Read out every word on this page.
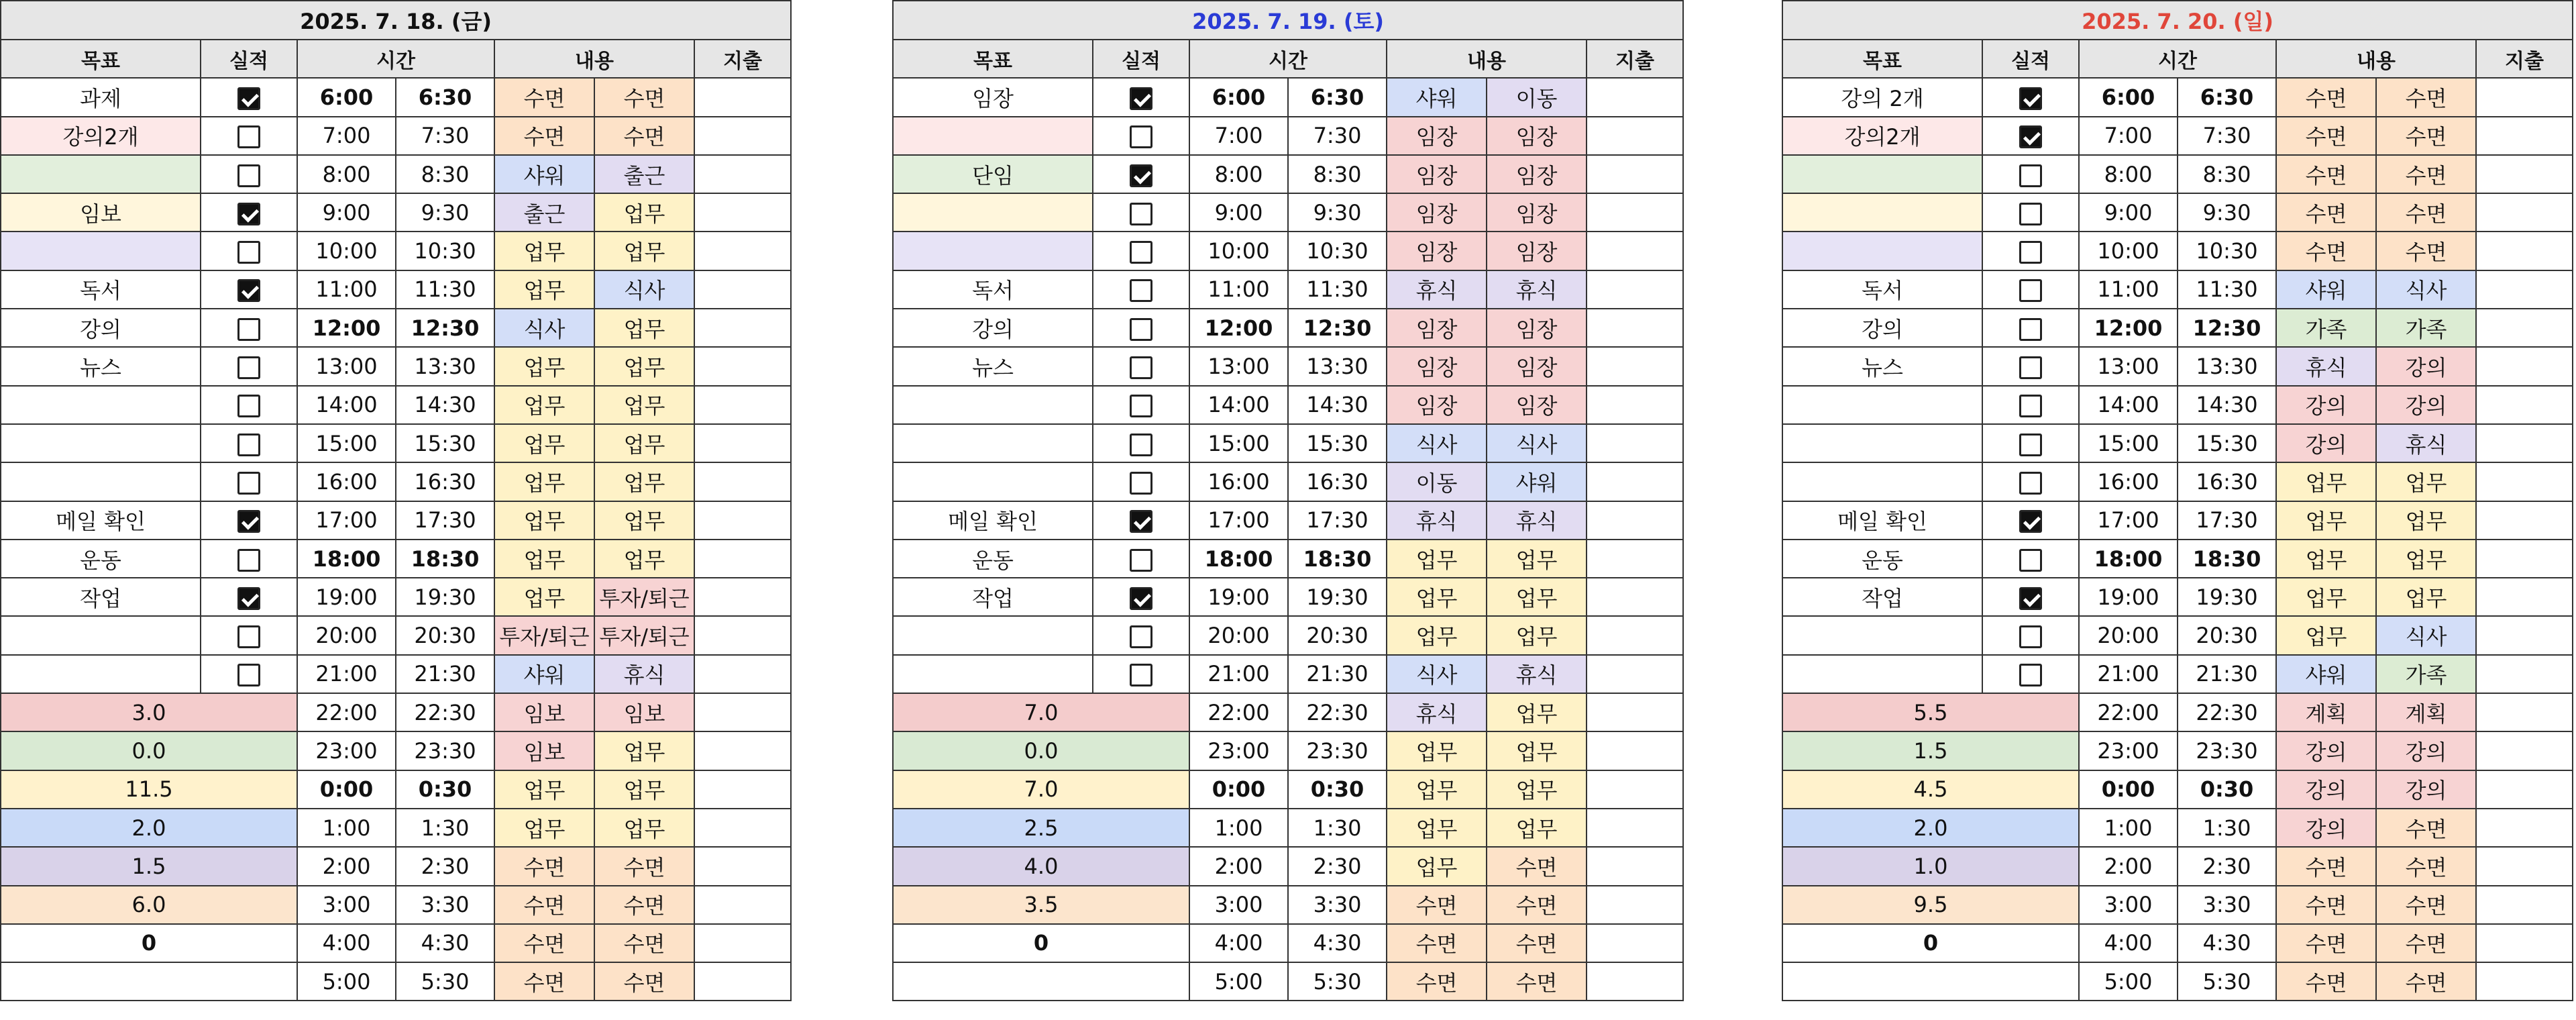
2025. 7. 18. (금)						
목표	실적	시간		내용		지출
과제		6:00	6:30	수면	수면	
강의2개		7:00	7:30	수면	수면	
		8:00	8:30	샤워	출근	
임보		9:00	9:30	출근	업무	
		10:00	10:30	업무	업무	
독서		11:00	11:30	업무	식사	
강의		12:00	12:30	식사	업무	
뉴스		13:00	13:30	업무	업무	
		14:00	14:30	업무	업무	
		15:00	15:30	업무	업무	
		16:00	16:30	업무	업무	
메일 확인		17:00	17:30	업무	업무	
운동		18:00	18:30	업무	업무	
작업		19:00	19:30	업무	투자/퇴근	
		20:00	20:30	투자/퇴근	투자/퇴근	
		21:00	21:30	샤워	휴식	
3.0		22:00	22:30	임보	임보	
0.0		23:00	23:30	임보	업무	
11.5		0:00	0:30	업무	업무	
2.0		1:00	1:30	업무	업무	
1.5		2:00	2:30	수면	수면	
6.0		3:00	3:30	수면	수면	
0		4:00	4:30	수면	수면	
		5:00	5:30	수면	수면	
2025. 7. 19. (토)						
목표	실적	시간		내용		지출
임장		6:00	6:30	샤워	이동	
		7:00	7:30	임장	임장	
단임		8:00	8:30	임장	임장	
		9:00	9:30	임장	임장	
		10:00	10:30	임장	임장	
독서		11:00	11:30	휴식	휴식	
강의		12:00	12:30	임장	임장	
뉴스		13:00	13:30	임장	임장	
		14:00	14:30	임장	임장	
		15:00	15:30	식사	식사	
		16:00	16:30	이동	샤워	
메일 확인		17:00	17:30	휴식	휴식	
운동		18:00	18:30	업무	업무	
작업		19:00	19:30	업무	업무	
		20:00	20:30	업무	업무	
		21:00	21:30	식사	휴식	
7.0		22:00	22:30	휴식	업무	
0.0		23:00	23:30	업무	업무	
7.0		0:00	0:30	업무	업무	
2.5		1:00	1:30	업무	업무	
4.0		2:00	2:30	업무	수면	
3.5		3:00	3:30	수면	수면	
0		4:00	4:30	수면	수면	
		5:00	5:30	수면	수면	
2025. 7. 20. (일)						
목표	실적	시간		내용		지출
강의 2개		6:00	6:30	수면	수면	
강의2개		7:00	7:30	수면	수면	
		8:00	8:30	수면	수면	
		9:00	9:30	수면	수면	
		10:00	10:30	수면	수면	
독서		11:00	11:30	샤워	식사	
강의		12:00	12:30	가족	가족	
뉴스		13:00	13:30	휴식	강의	
		14:00	14:30	강의	강의	
		15:00	15:30	강의	휴식	
		16:00	16:30	업무	업무	
메일 확인		17:00	17:30	업무	업무	
운동		18:00	18:30	업무	업무	
작업		19:00	19:30	업무	업무	
		20:00	20:30	업무	식사	
		21:00	21:30	샤워	가족	
5.5		22:00	22:30	계획	계획	
1.5		23:00	23:30	강의	강의	
4.5		0:00	0:30	강의	강의	
2.0		1:00	1:30	강의	수면	
1.0		2:00	2:30	수면	수면	
9.5		3:00	3:30	수면	수면	
0		4:00	4:30	수면	수면	
		5:00	5:30	수면	수면	
